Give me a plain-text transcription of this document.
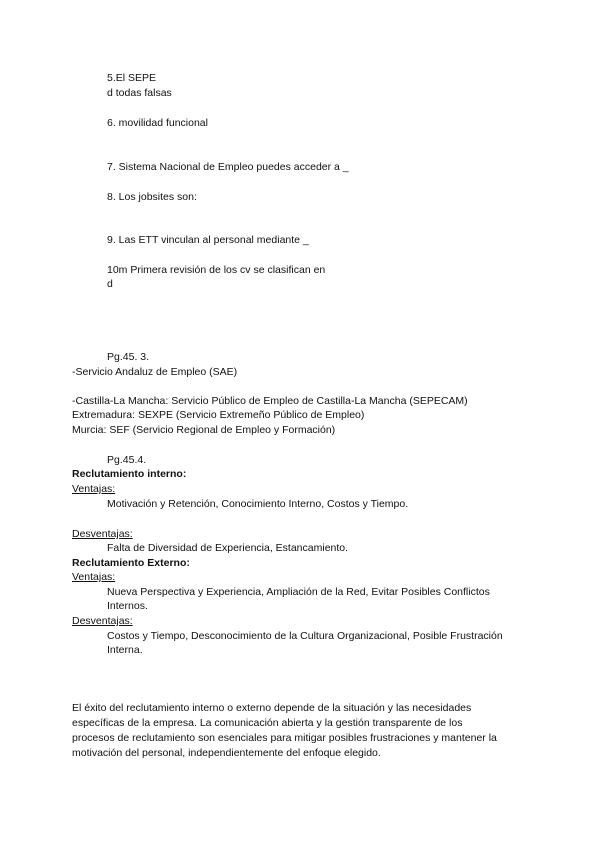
5.El SEPE
d todas falsas
6. movilidad funcional
7. Sistema Nacional de Empleo puedes acceder a _
8. Los jobsites son:
9. Las ETT vinculan al personal mediante _
10m Primera revisión de los cv se clasifican en
d
Pg.45. 3.
-Servicio Andaluz de Empleo (SAE)
-Castilla-La Mancha: Servicio Público de Empleo de Castilla-La Mancha (SEPECAM)
Extremadura: SEXPE (Servicio Extremeño Público de Empleo)
Murcia: SEF (Servicio Regional de Empleo y Formación)
Pg.45.4.
Reclutamiento interno:
Ventajas:
Motivación y Retención, Conocimiento Interno, Costos y Tiempo.
Desventajas:
Falta de Diversidad de Experiencia, Estancamiento.
Reclutamiento Externo:
Ventajas:
Nueva Perspectiva y Experiencia, Ampliación de la Red, Evitar Posibles Conflictos
Internos.
Desventajas:
Costos y Tiempo, Desconocimiento de la Cultura Organizacional, Posible Frustración
Interna.
El éxito del reclutamiento interno o externo depende de la situación y las necesidades
específicas de la empresa. La comunicación abierta y la gestión transparente de los
procesos de reclutamiento son esenciales para mitigar posibles frustraciones y mantener la
motivación del personal, independientemente del enfoque elegido.
